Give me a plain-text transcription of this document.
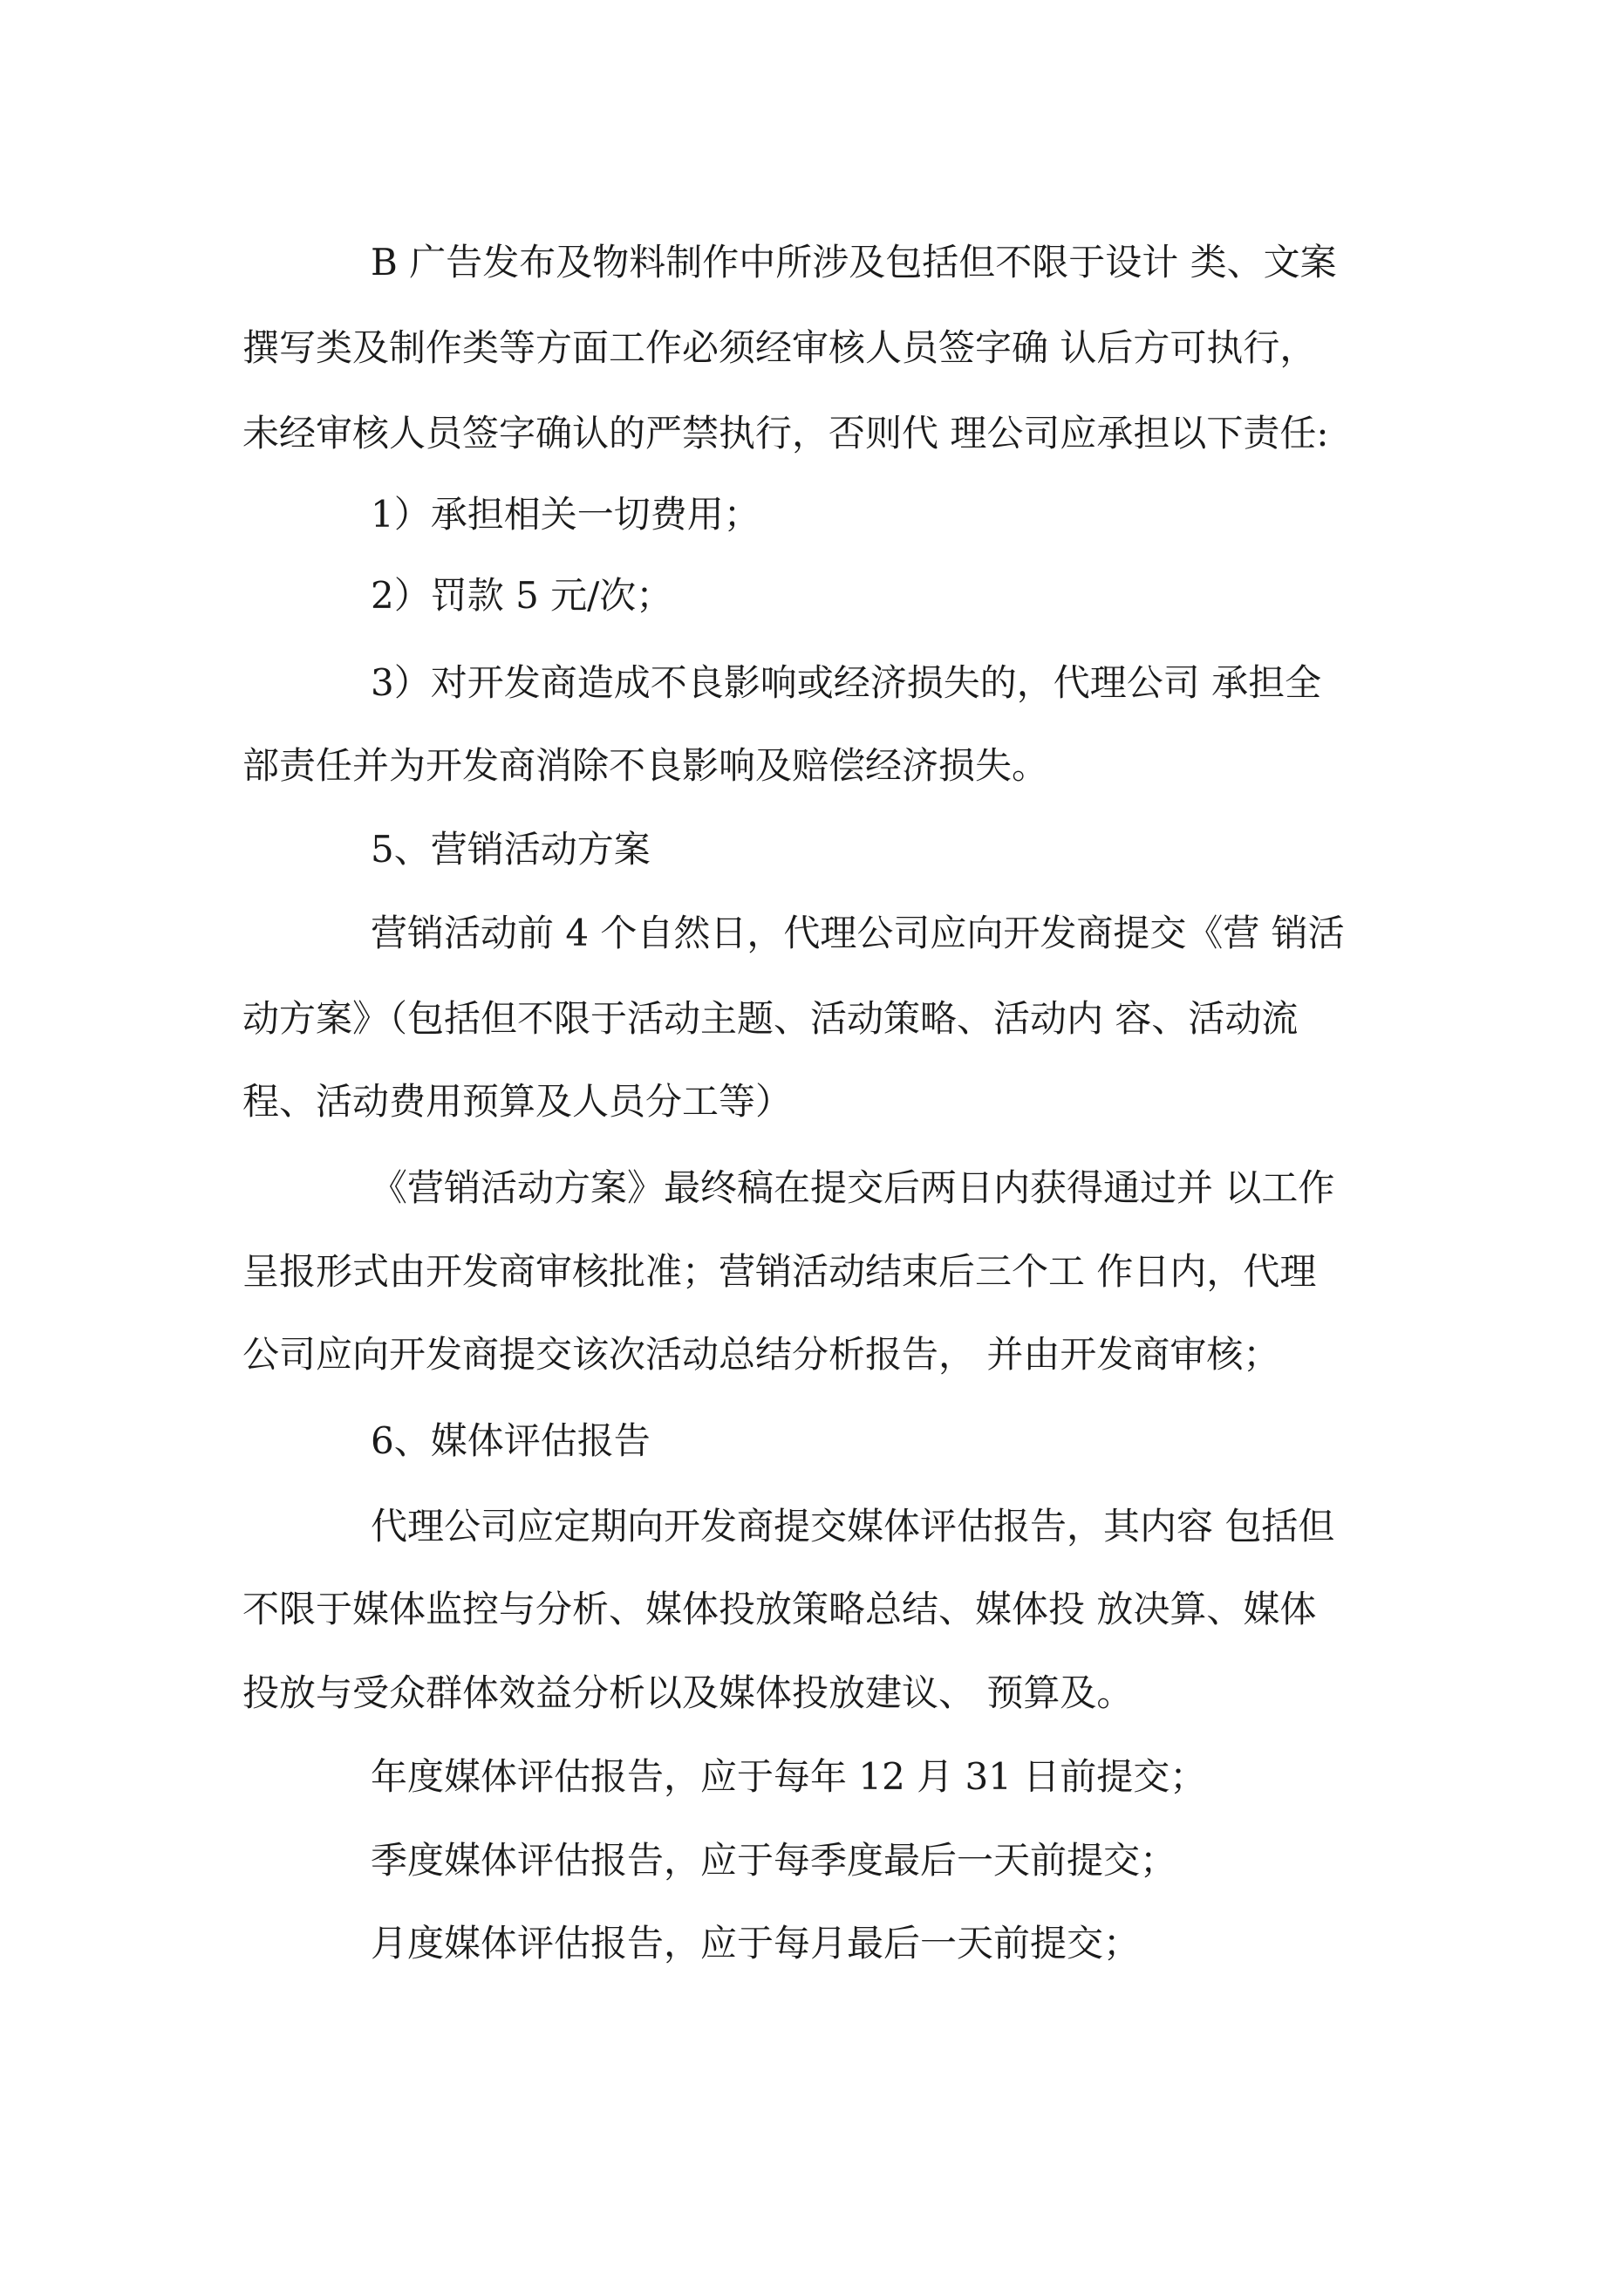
B 广告发布及物料制作中所涉及包括但不限于设计 类、文案
撰写类及制作类等方面工作必须经审核人员签字确 认后方可执行，
未经审核人员签字确认的严禁执行，否则代 理公司应承担以下责任:
1）承担相关一切费用；
2）罚款 5 元/次；
3）对开发商造成不良影响或经济损失的，代理公司 承担全
部责任并为开发商消除不良影响及赔偿经济损失。
5、营销活动方案
营销活动前 4 个自然日，代理公司应向开发商提交《营 销活
动方案》（包括但不限于活动主题、活动策略、活动内 容、活动流
程、活动费用预算及人员分工等）
《营销活动方案》最终稿在提交后两日内获得通过并 以工作
呈报形式由开发商审核批准；营销活动结束后三个工 作日内，代理
公司应向开发商提交该次活动总结分析报告， 并由开发商审核；
6、媒体评估报告
代理公司应定期向开发商提交媒体评估报告，其内容 包括但
不限于媒体监控与分析、媒体投放策略总结、媒体投 放决算、媒体
投放与受众群体效益分析以及媒体投放建议、 预算及。
年度媒体评估报告，应于每年 12 月 31 日前提交；
季度媒体评估报告，应于每季度最后一天前提交；
月度媒体评估报告，应于每月最后一天前提交；
